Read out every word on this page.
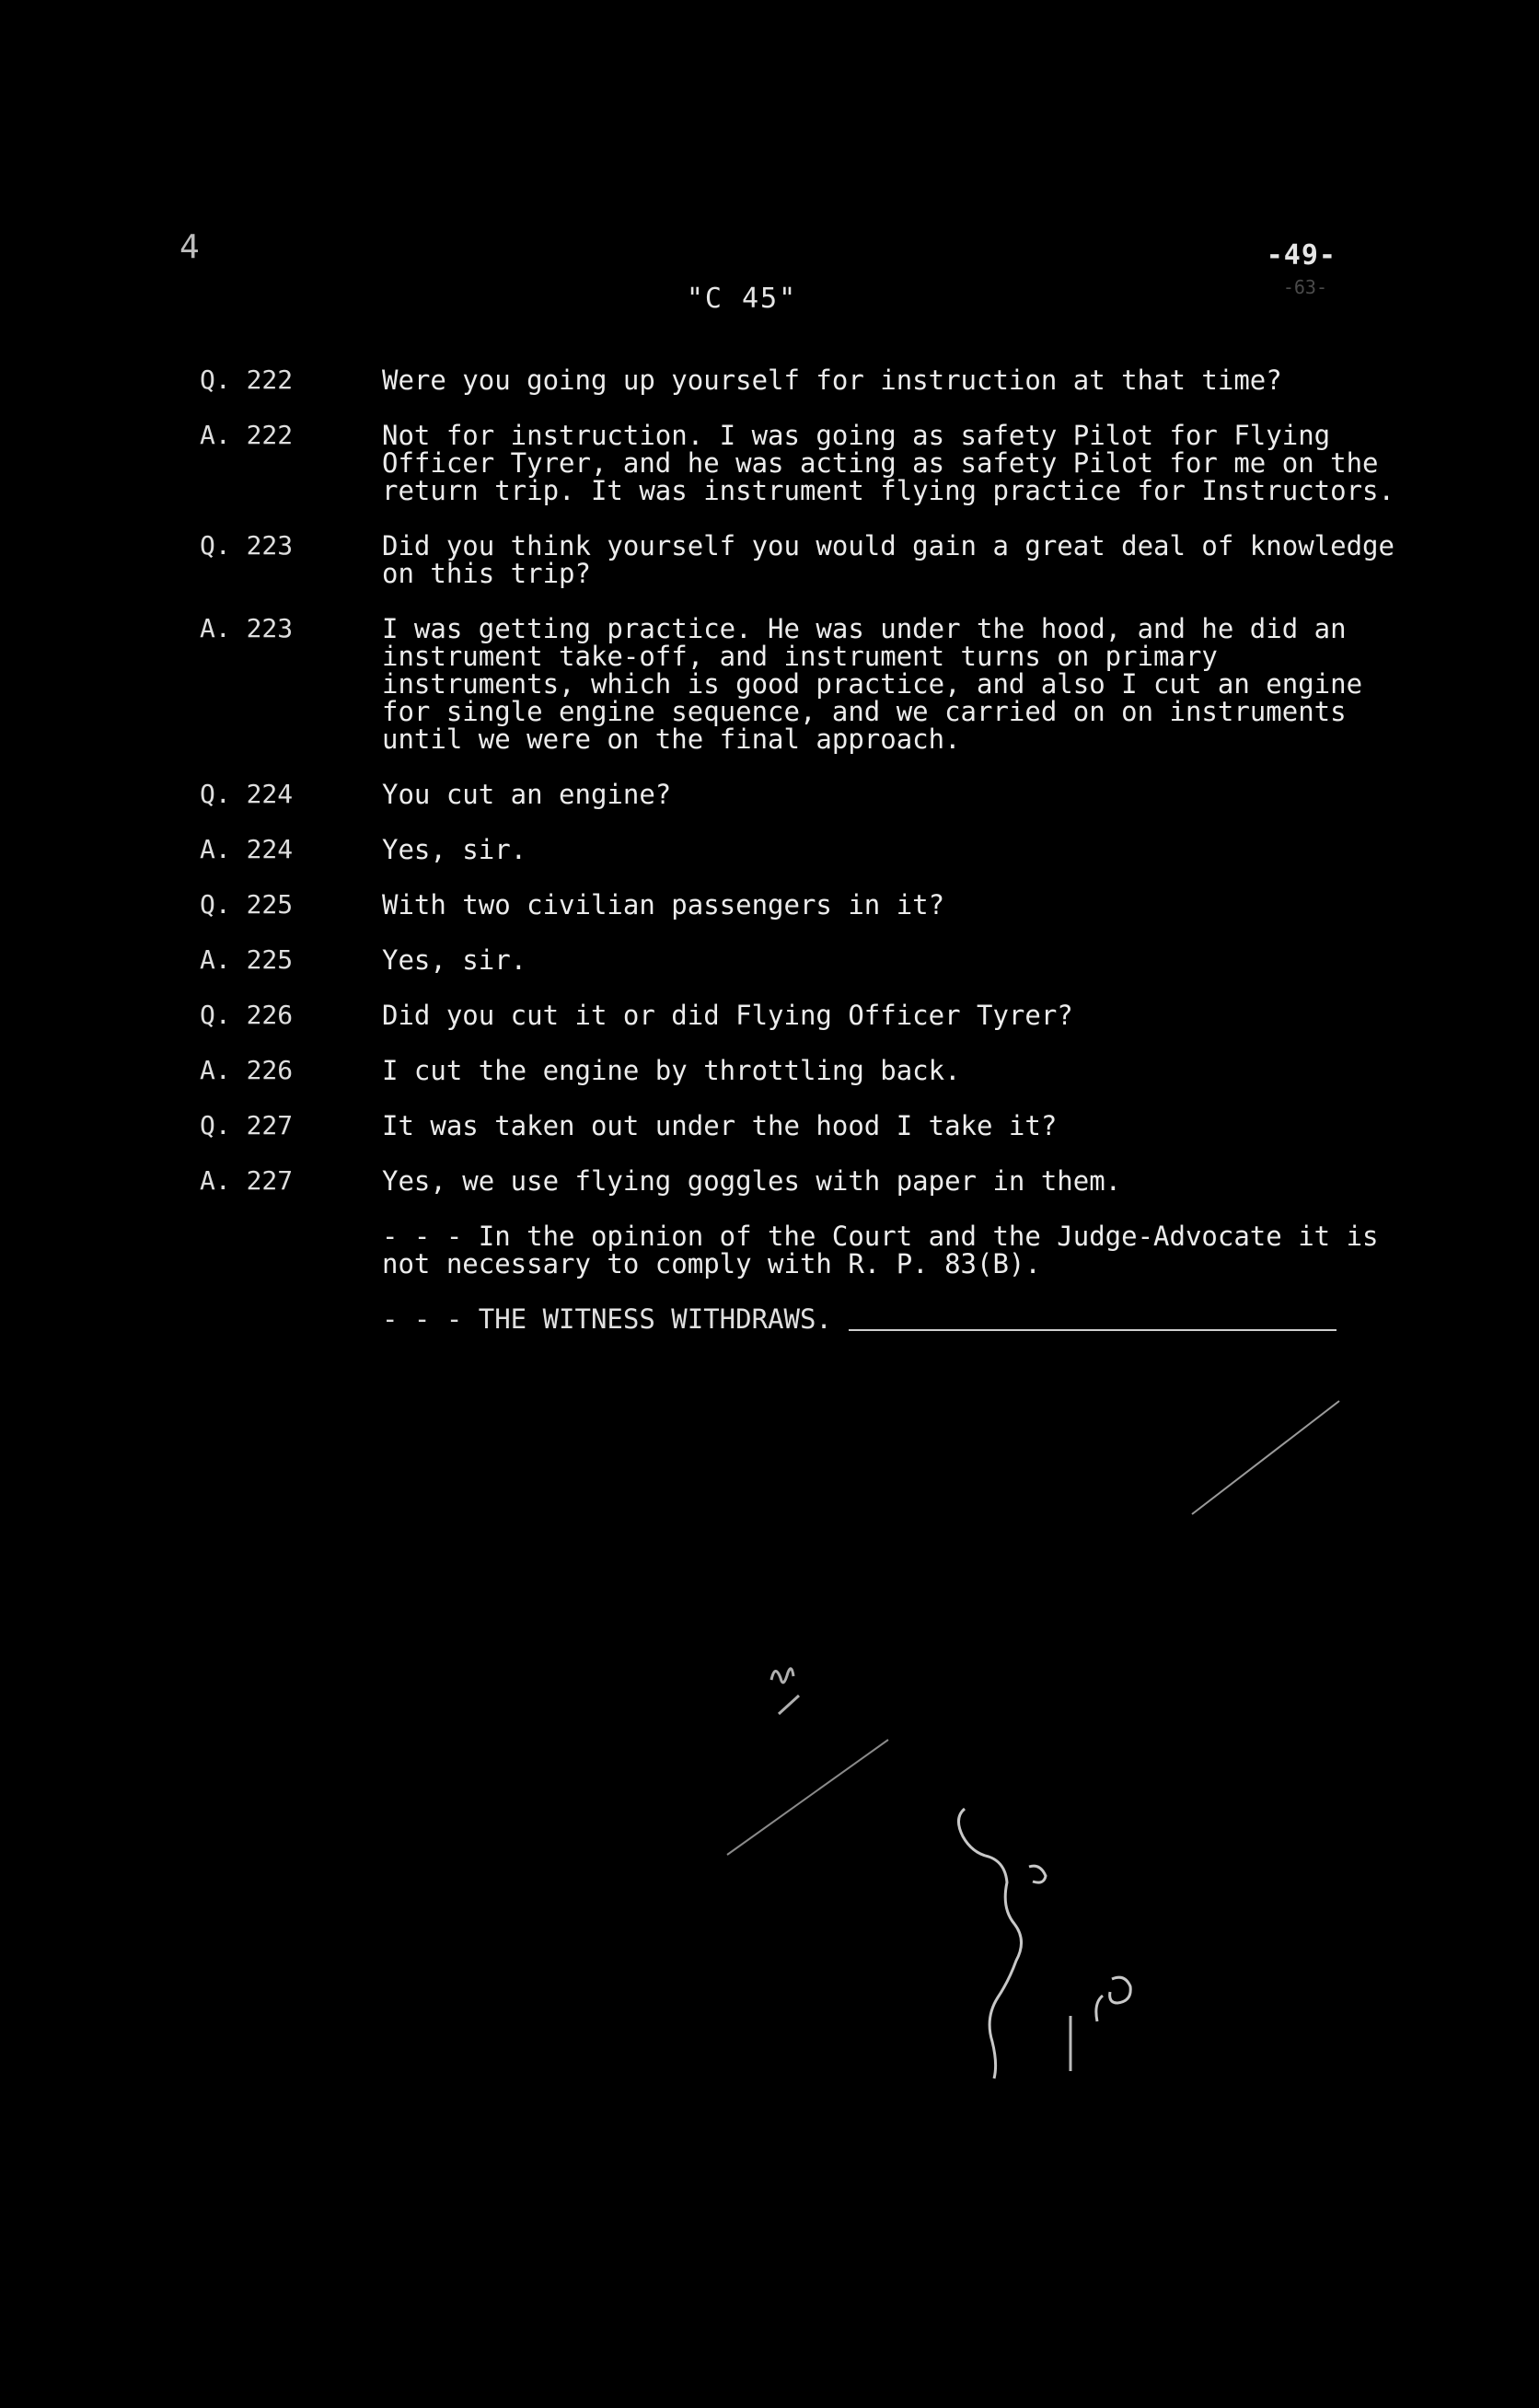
4	-49-
-63-
"C 45"
Q. 222	Were you going up yourself for instruction at that time?
A. 222	Not for instruction. I was going as safety Pilot for Flying Officer Tyrer, and he was acting as safety Pilot for me on the return trip. It was instrument flying practice for Instructors.
Q. 223	Did you think yourself you would gain a great deal of knowledge on this trip?
A. 223	I was getting practice. He was under the hood, and he did an instrument take-off, and instrument turns on primary instruments, which is good practice, and also I cut an engine for single engine sequence, and we carried on on instruments until we were on the final approach.
Q. 224	You cut an engine?
A. 224	Yes, sir.
Q. 225	With two civilian passengers in it?
A. 225	Yes, sir.
Q. 226	Did you cut it or did Flying Officer Tyrer?
A. 226	I cut the engine by throttling back.
Q. 227	It was taken out under the hood I take it?
A. 227	Yes, we use flying goggles with paper in them.
- - - In the opinion of the Court and the Judge-Advocate it is not necessary to comply with R. P. 83(B).
- - - THE WITNESS WITHDRAWS.
